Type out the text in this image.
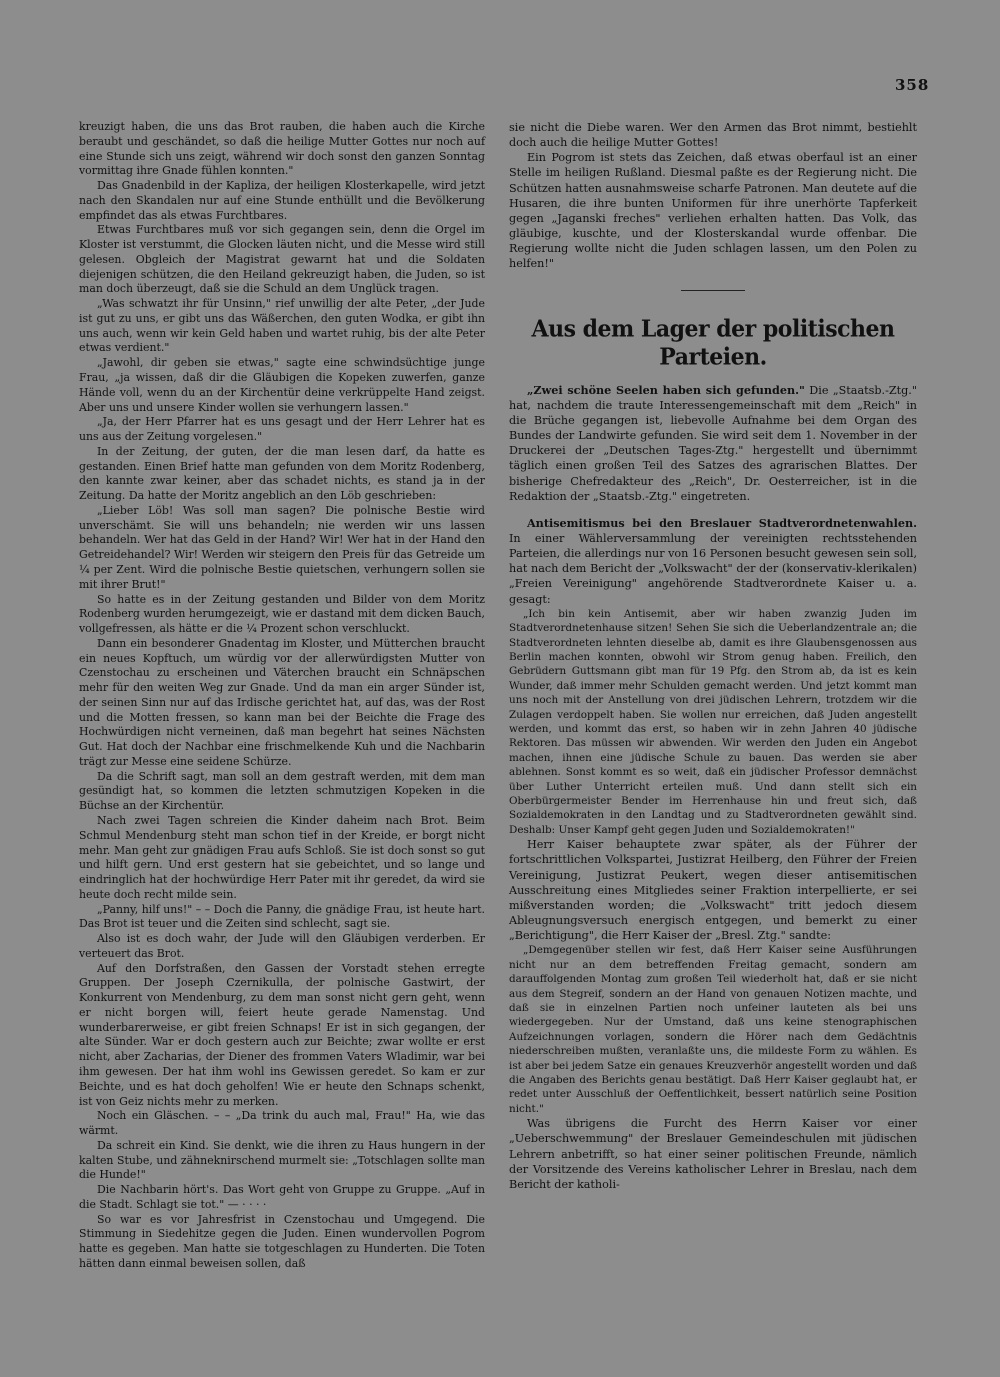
358

kreuzigt haben, die uns das Brot rauben, die haben auch die Kirche beraubt und geschändet, so daß die heilige Mutter Gottes nur noch auf eine Stunde sich uns zeigt, während wir doch sonst den ganzen Sonntag vormittag ihre Gnade fühlen konnten."

Das Gnadenbild in der Kapliza, der heiligen Klosterkapelle, wird jetzt nach den Skandalen nur auf eine Stunde enthüllt und die Bevölkerung empfindet das als etwas Furchtbares.

Etwas Furchtbares muß vor sich gegangen sein, denn die Orgel im Kloster ist verstummt, die Glocken läuten nicht, und die Messe wird still gelesen. Obgleich der Magistrat gewarnt hat und die Soldaten diejenigen schützen, die den Heiland gekreuzigt haben, die Juden, so ist man doch überzeugt, daß sie die Schuld an dem Unglück tragen.

„Was schwatzt ihr für Unsinn," rief unwillig der alte Peter, „der Jude ist gut zu uns, er gibt uns das Wäßerchen, den guten Wodka, er gibt ihn uns auch, wenn wir kein Geld haben und wartet ruhig, bis der alte Peter etwas verdient."

„Jawohl, dir geben sie etwas," sagte eine schwindsüchtige junge Frau, „ja wissen, daß dir die Gläubigen die Kopeken zuwerfen, ganze Hände voll, wenn du an der Kirchentür deine verkrüppelte Hand zeigst. Aber uns und unsere Kinder wollen sie verhungern lassen."

„Ja, der Herr Pfarrer hat es uns gesagt und der Herr Lehrer hat es uns aus der Zeitung vorgelesen."

In der Zeitung, der guten, der die man lesen darf, da hatte es gestanden. Einen Brief hatte man gefunden von dem Moritz Rodenberg, den kannte zwar keiner, aber das schadet nichts, es stand ja in der Zeitung. Da hatte der Moritz angeblich an den Löb geschrieben:

„Lieber Löb! Was soll man sagen? Die polnische Bestie wird unverschämt. Sie will uns behandeln; nie werden wir uns lassen behandeln. Wer hat das Geld in der Hand? Wir! Wer hat in der Hand den Getreidehandel? Wir! Werden wir steigern den Preis für das Getreide um ¼ per Zent. Wird die polnische Bestie quietschen, verhungern sollen sie mit ihrer Brut!"

So hatte es in der Zeitung gestanden und Bilder von dem Moritz Rodenberg wurden herumgezeigt, wie er dastand mit dem dicken Bauch, vollgefressen, als hätte er die ¼ Prozent schon verschluckt.

Dann ein besonderer Gnadentag im Kloster, und Mütterchen braucht ein neues Kopftuch, um würdig vor der allerwürdigsten Mutter von Czenstochau zu erscheinen und Väterchen braucht ein Schnäpschen mehr für den weiten Weg zur Gnade. Und da man ein arger Sünder ist, der seinen Sinn nur auf das Irdische gerichtet hat, auf das, was der Rost und die Motten fressen, so kann man bei der Beichte die Frage des Hochwürdigen nicht verneinen, daß man begehrt hat seines Nächsten Gut. Hat doch der Nachbar eine frischmelkende Kuh und die Nachbarin trägt zur Messe eine seidene Schürze.

Da die Schrift sagt, man soll an dem gestraft werden, mit dem man gesündigt hat, so kommen die letzten schmutzigen Kopeken in die Büchse an der Kirchentür.

Nach zwei Tagen schreien die Kinder daheim nach Brot. Beim Schmul Mendenburg steht man schon tief in der Kreide, er borgt nicht mehr. Man geht zur gnädigen Frau aufs Schloß. Sie ist doch sonst so gut und hilft gern. Und erst gestern hat sie gebeichtet, und so lange und eindringlich hat der hochwürdige Herr Pater mit ihr geredet, da wird sie heute doch recht milde sein.

„Panny, hilf uns!" – – Doch die Panny, die gnädige Frau, ist heute hart. Das Brot ist teuer und die Zeiten sind schlecht, sagt sie.

Also ist es doch wahr, der Jude will den Gläubigen verderben. Er verteuert das Brot.

Auf den Dorfstraßen, den Gassen der Vorstadt stehen erregte Gruppen. Der Joseph Czernikulla, der polnische Gastwirt, der Konkurrent von Mendenburg, zu dem man sonst nicht gern geht, wenn er nicht borgen will, feiert heute gerade Namenstag. Und wunderbarerweise, er gibt freien Schnaps! Er ist in sich gegangen, der alte Sünder. War er doch gestern auch zur Beichte; zwar wollte er erst nicht, aber Zacharias, der Diener des frommen Vaters Wladimir, war bei ihm gewesen. Der hat ihm wohl ins Gewissen geredet. So kam er zur Beichte, und es hat doch geholfen! Wie er heute den Schnaps schenkt, ist von Geiz nichts mehr zu merken.

Noch ein Gläschen. – – „Da trink du auch mal, Frau!" Ha, wie das wärmt.

Da schreit ein Kind. Sie denkt, wie die ihren zu Haus hungern in der kalten Stube, und zähneknirschend murmelt sie: „Totschlagen sollte man die Hunde!"

Die Nachbarin hört's. Das Wort geht von Gruppe zu Gruppe. „Auf in die Stadt. Schlagt sie tot." — · · · ·

So war es vor Jahresfrist in Czenstochau und Umgegend. Die Stimmung in Siedehitze gegen die Juden. Einen wundervollen Pogrom hatte es gegeben. Man hatte sie totgeschlagen zu Hunderten. Die Toten hätten dann einmal beweisen sollen, daß

sie nicht die Diebe waren. Wer den Armen das Brot nimmt, bestiehlt doch auch die heilige Mutter Gottes!

Ein Pogrom ist stets das Zeichen, daß etwas oberfaul ist an einer Stelle im heiligen Rußland. Diesmal paßte es der Regierung nicht. Die Schützen hatten ausnahmsweise scharfe Patronen. Man deutete auf die Husaren, die ihre bunten Uniformen für ihre unerhörte Tapferkeit gegen „Jaganski freches" verliehen erhalten hatten. Das Volk, das gläubige, kuschte, und der Klosterskandal wurde offenbar. Die Regierung wollte nicht die Juden schlagen lassen, um den Polen zu helfen!"

Aus dem Lager der politischen Parteien.

„Zwei schöne Seelen haben sich gefunden." Die „Staatsb.-Ztg." hat, nachdem die traute Interessengemeinschaft mit dem „Reich" in die Brüche gegangen ist, liebevolle Aufnahme bei dem Organ des Bundes der Landwirte gefunden. Sie wird seit dem 1. November in der Druckerei der „Deutschen Tages-Ztg." hergestellt und übernimmt täglich einen großen Teil des Satzes des agrarischen Blattes. Der bisherige Chefredakteur des „Reich", Dr. Oesterreicher, ist in die Redaktion der „Staatsb.-Ztg." eingetreten.

Antisemitismus bei den Breslauer Stadtverordnetenwahlen. In einer Wählerversammlung der vereinigten rechtsstehenden Parteien, die allerdings nur von 16 Personen besucht gewesen sein soll, hat nach dem Bericht der „Volkswacht" der der (konservativ-klerikalen) „Freien Vereinigung" angehörende Stadtverordnete Kaiser u. a. gesagt:

„Ich bin kein Antisemit, aber wir haben zwanzig Juden im Stadtverordnetenhause sitzen! Sehen Sie sich die Ueberlandzentrale an; die Stadtverordneten lehnten dieselbe ab, damit es ihre Glaubensgenossen aus Berlin machen konnten, obwohl wir Strom genug haben. Freilich, den Gebrüdern Guttsmann gibt man für 19 Pfg. den Strom ab, da ist es kein Wunder, daß immer mehr Schulden gemacht werden. Und jetzt kommt man uns noch mit der Anstellung von drei jüdischen Lehrern, trotzdem wir die Zulagen verdoppelt haben. Sie wollen nur erreichen, daß Juden angestellt werden, und kommt das erst, so haben wir in zehn Jahren 40 jüdische Rektoren. Das müssen wir abwenden. Wir werden den Juden ein Angebot machen, ihnen eine jüdische Schule zu bauen. Das werden sie aber ablehnen. Sonst kommt es so weit, daß ein jüdischer Professor demnächst über Luther Unterricht erteilen muß. Und dann stellt sich ein Oberbürgermeister Bender im Herrenhause hin und freut sich, daß Sozialdemokraten in den Landtag und zu Stadtverordneten gewählt sind. Deshalb: Unser Kampf geht gegen Juden und Sozialdemokraten!"

Herr Kaiser behauptete zwar später, als der Führer der fortschrittlichen Volkspartei, Justizrat Heilberg, den Führer der Freien Vereinigung, Justizrat Peukert, wegen dieser antisemitischen Ausschreitung eines Mitgliedes seiner Fraktion interpellierte, er sei mißverstanden worden; die „Volkswacht" tritt jedoch diesem Ableugnungsversuch energisch entgegen, und bemerkt zu einer „Berichtigung", die Herr Kaiser der „Bresl. Ztg." sandte:

„Demgegenüber stellen wir fest, daß Herr Kaiser seine Ausführungen nicht nur an dem betreffenden Freitag gemacht, sondern am darauffolgenden Montag zum großen Teil wiederholt hat, daß er sie nicht aus dem Stegreif, sondern an der Hand von genauen Notizen machte, und daß sie in einzelnen Partien noch unfeiner lauteten als bei uns wiedergegeben. Nur der Umstand, daß uns keine stenographischen Aufzeichnungen vorlagen, sondern die Hörer nach dem Gedächtnis niederschreiben mußten, veranlaßte uns, die mildeste Form zu wählen. Es ist aber bei jedem Satze ein genaues Kreuzverhör angestellt worden und daß die Angaben des Berichts genau bestätigt. Daß Herr Kaiser geglaubt hat, er redet unter Ausschluß der Oeffentlichkeit, bessert natürlich seine Position nicht."

Was übrigens die Furcht des Herrn Kaiser vor einer „Ueberschwemmung" der Breslauer Gemeindeschulen mit jüdischen Lehrern anbetrifft, so hat einer seiner politischen Freunde, nämlich der Vorsitzende des Vereins katholischer Lehrer in Breslau, nach dem Bericht der katholi-
